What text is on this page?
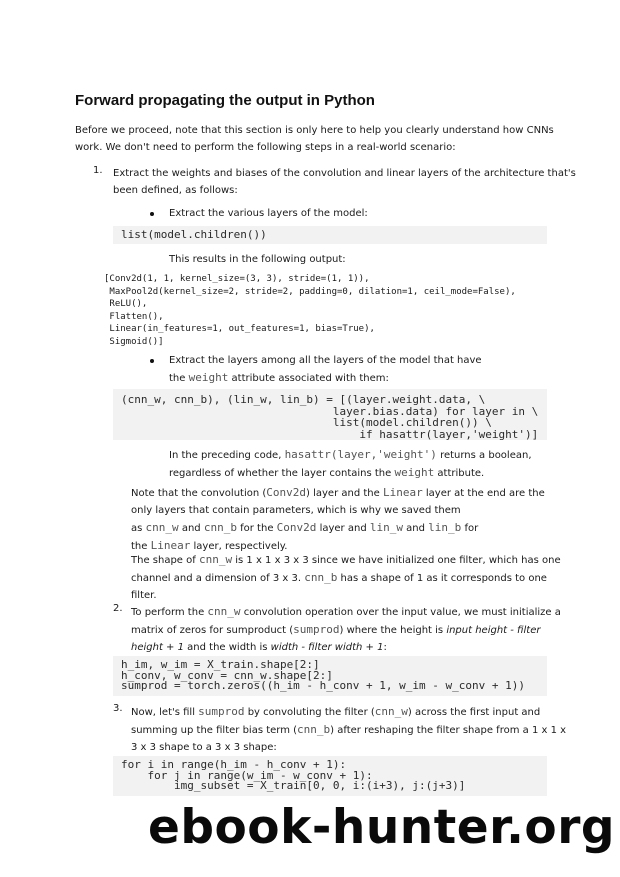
Forward propagating the output in Python
Before we proceed, note that this section is only here to help you clearly understand how CNNs
work. We don't need to perform the following steps in a real-world scenario:
1. Extract the weights and biases of the convolution and linear layers of the architecture that's
been defined, as follows:
Extract the various layers of the model:
list(model.children())
This results in the following output:
[Conv2d(1, 1, kernel_size=(3, 3), stride=(1, 1)),
MaxPool2d(kernel_size=2, stride=2, padding=0, dilation=1, ceil_mode=False),
ReLU(),
Flatten(),
Linear(in_features=1, out_features=1, bias=True),
Sigmoid()]
Extract the layers among all the layers of the model that have
the weight attribute associated with them:
(cnn_w, cnn_b), (lin_w, lin_b) = [(layer.weight.data, \
layer.bias.data) for layer in \
list(model.children()) \
if hasattr(layer,'weight')]
In the preceding code, hasattr(layer,'weight') returns a boolean,
regardless of whether the layer contains the weight attribute.
Note that the convolution (Conv2d) layer and the Linear layer at the end are the
only layers that contain parameters, which is why we saved them
as cnn_w and cnn_b for the Conv2d layer and lin_w and lin_b for
the Linear layer, respectively.
The shape of cnn_w is 1 x 1 x 3 x 3 since we have initialized one filter, which has one
channel and a dimension of 3 x 3. cnn_b has a shape of 1 as it corresponds to one
filter.
2. To perform the cnn_w convolution operation over the input value, we must initialize a
matrix of zeros for sumproduct (sumprod) where the height is input height - filter
height + 1 and the width is width - filter width + 1:
h_im, w_im = X_train.shape[2:]
h_conv, w_conv = cnn_w.shape[2:]
sumprod = torch.zeros((h_im - h_conv + 1, w_im - w_conv + 1))
3. Now, let's fill sumprod by convoluting the filter (cnn_w) across the first input and
summing up the filter bias term (cnn_b) after reshaping the filter shape from a 1 x 1 x
3 x 3 shape to a 3 x 3 shape:
for i in range(h_im - h_conv + 1):
for j in range(w_im - w_conv + 1):
img_subset = X_train[0, 0, i:(i+3), j:(j+3)]
ebook-hunter.org
